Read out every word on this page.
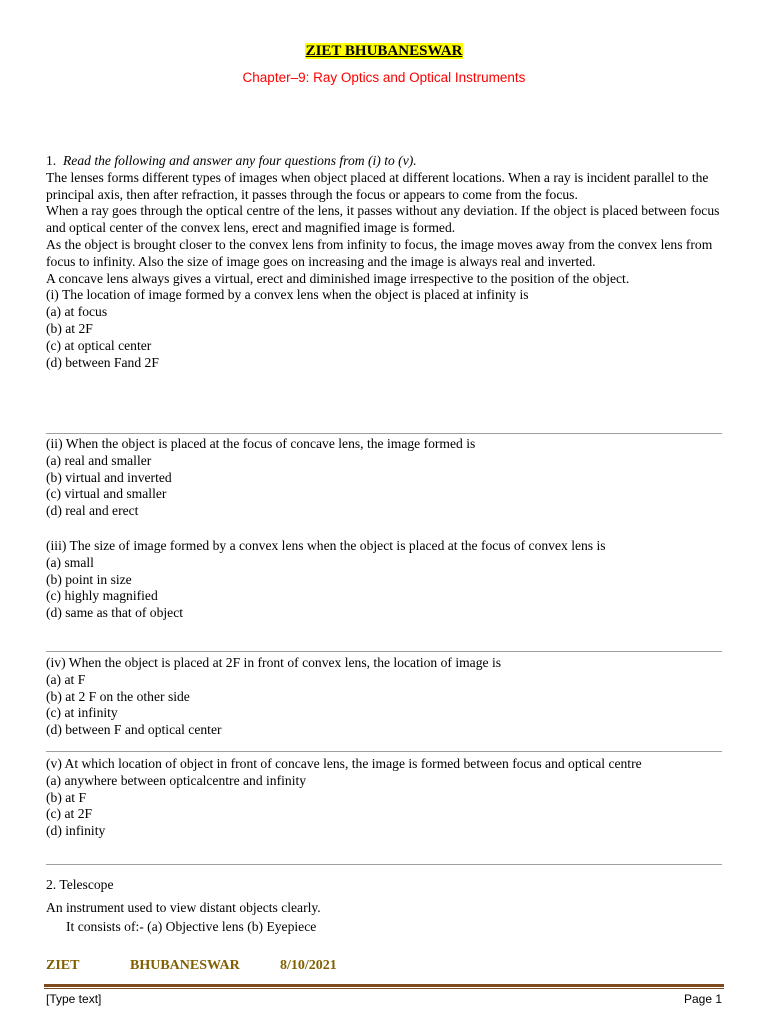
ZIET BHUBANESWAR
Chapter–9: Ray Optics and Optical Instruments

1. Read the following and answer any four questions from (i) to (v).

The lenses forms different types of images when object placed at different locations. When a ray is incident parallel to the principal axis, then after refraction, it passes through the focus or appears to come from the focus.

When a ray goes through the optical centre of the lens, it passes without any deviation. If the object is placed between focus and optical center of the convex lens, erect and magnified image is formed.

As the object is brought closer to the convex lens from infinity to focus, the image moves away from the convex lens from focus to infinity. Also the size of image goes on increasing and the image is always real and inverted.

A concave lens always gives a virtual, erect and diminished image irrespective to the position of the object.

(i) The location of image formed by a convex lens when the object is placed at infinity is

(a) at focus

(b) at 2F

(c) at optical center

(d) between Fand 2F

(ii) When the object is placed at the focus of concave lens, the image formed is

(a) real and smaller

(b) virtual and inverted

(c) virtual and smaller

(d) real and erect

(iii) The size of image formed by a convex lens when the object is placed at the focus of convex lens is

(a) small

(b) point in size

(c) highly magnified

(d) same as that of object

(iv) When the object is placed at 2F in front of convex lens, the location of image is

(a) at F

(b) at 2 F on the other side

(c) at infinity

(d) between F and optical center

(v) At which location of object in front of concave lens, the image is formed between focus and optical centre

(a) anywhere between opticalcentre and infinity

(b) at F

(c) at 2F

(d) infinity

2. Telescope

An instrument used to view distant objects clearly.

It consists of:- (a) Objective lens (b) Eyepiece

ZIET	BHUBANESWAR	8/10/2021
[Type text]	Page 1
